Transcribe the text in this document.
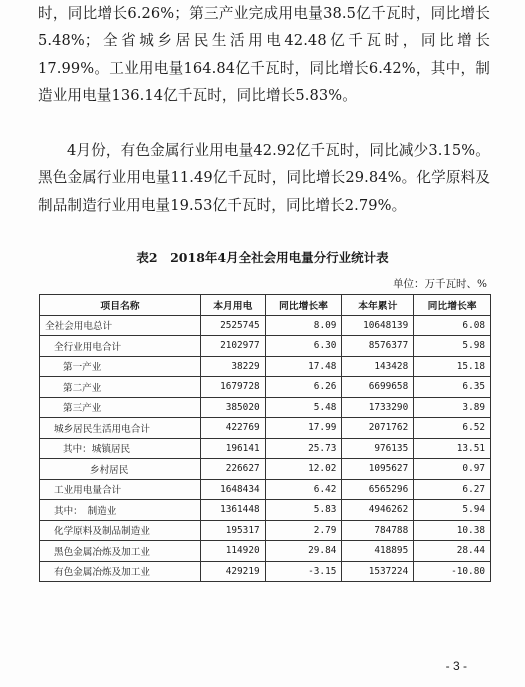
时，同比增长6.26%；第三产业完成用电量38.5亿千瓦时，同比增长5.48%；全省城乡居民生活用电42.48亿千瓦时，同比增长17.99%。工业用电量164.84亿千瓦时，同比增长6.42%，其中，制造业用电量136.14亿千瓦时，同比增长5.83%。

4月份，有色金属行业用电量42.92亿千瓦时，同比减少3.15%。黑色金属行业用电量11.49亿千瓦时，同比增长29.84%。化学原料及制品制造行业用电量19.53亿千瓦时，同比增长2.79%。

表2　2018年4月全社会用电量分行业统计表
单位：万千瓦时、%
项目名称	本月用电	同比增长率	本年累计	同比增长率
全社会用电总计	2525745	8.09	10648139	6.08
全行业用电合计	2102977	6.30	8576377	5.98
第一产业	38229	17.48	143428	15.18
第二产业	1679728	6.26	6699658	6.35
第三产业	385020	5.48	1733290	3.89
城乡居民生活用电合计	422769	17.99	2071762	6.52
其中：城镇居民	196141	25.73	976135	13.51
乡村居民	226627	12.02	1095627	0.97
工业用电量合计	1648434	6.42	6565296	6.27
其中：　制造业	1361448	5.83	4946262	5.94
化学原料及制品制造业	195317	2.79	784788	10.38
黑色金属冶炼及加工业	114920	29.84	418895	28.44
有色金属冶炼及加工业	429219	-3.15	1537224	-10.80
- 3 -
